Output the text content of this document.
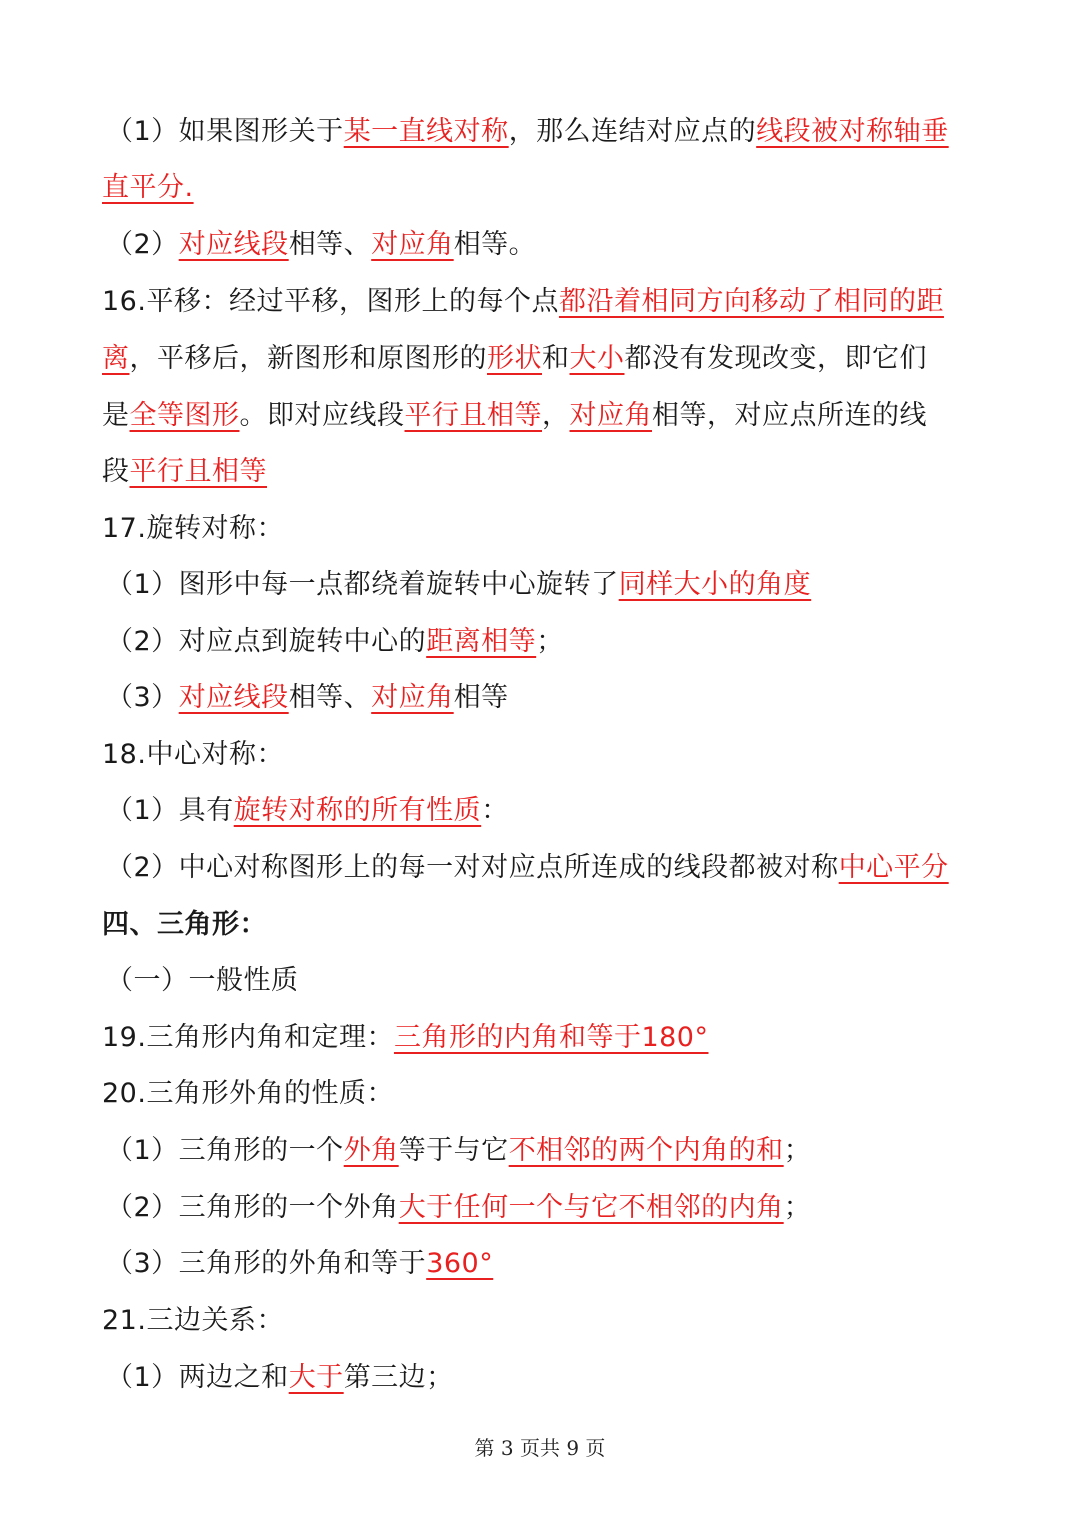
（1）如果图形关于某一直线对称，那么连结对应点的线段被对称轴垂
直平分.
（2）对应线段相等、对应角相等。
16.平移：经过平移，图形上的每个点都沿着相同方向移动了相同的距
离，平移后，新图形和原图形的形状和大小都没有发现改变，即它们
是全等图形。即对应线段平行且相等，对应角相等，对应点所连的线
段平行且相等
17.旋转对称：
（1）图形中每一点都绕着旋转中心旋转了同样大小的角度
（2）对应点到旋转中心的距离相等；
（3）对应线段相等、对应角相等
18.中心对称：
（1）具有旋转对称的所有性质：
（2）中心对称图形上的每一对对应点所连成的线段都被对称中心平分
四、三角形：
（一）一般性质
19.三角形内角和定理：三角形的内角和等于180°
20.三角形外角的性质：
（1）三角形的一个外角等于与它不相邻的两个内角的和；
（2）三角形的一个外角大于任何一个与它不相邻的内角；
（3）三角形的外角和等于360°
21.三边关系：
（1）两边之和大于第三边；
第 3 页共 9 页
